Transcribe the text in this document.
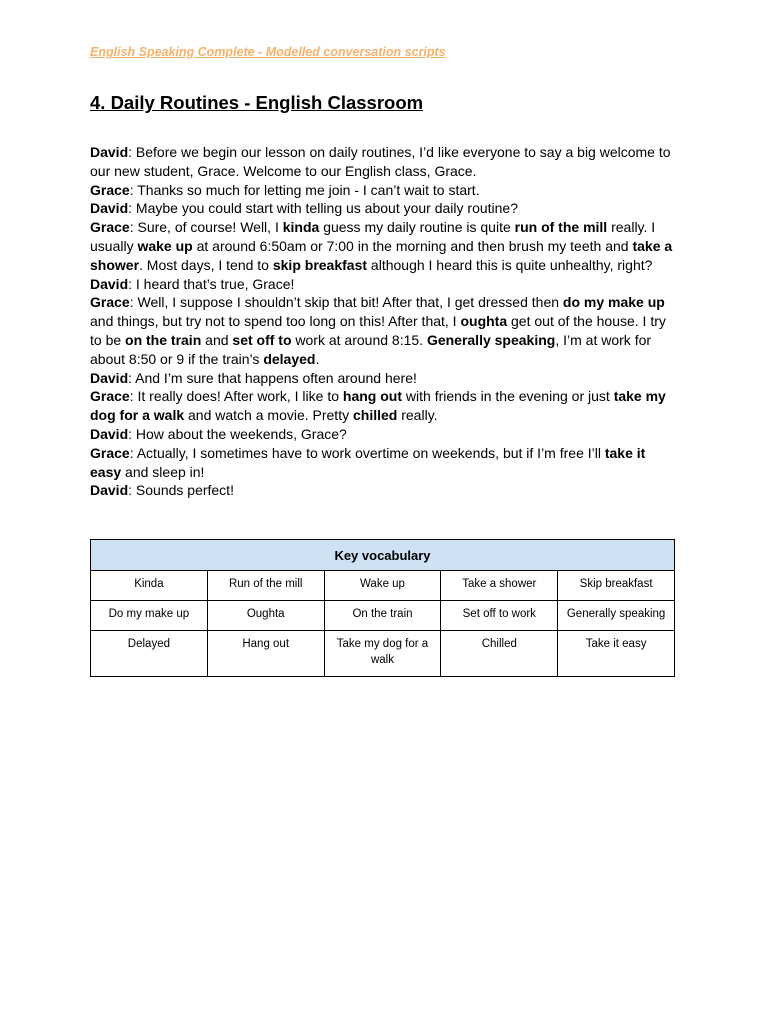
English Speaking Complete - Modelled conversation scripts
4. Daily Routines - English Classroom

David: Before we begin our lesson on daily routines, I’d like everyone to say a big welcome to our new student, Grace. Welcome to our English class, Grace.

Grace: Thanks so much for letting me join - I can’t wait to start.

David: Maybe you could start with telling us about your daily routine?

Grace: Sure, of course! Well, I kinda guess my daily routine is quite run of the mill really. I usually wake up at around 6:50am or 7:00 in the morning and then brush my teeth and take a shower. Most days, I tend to skip breakfast although I heard this is quite unhealthy, right?

David: I heard that’s true, Grace!

Grace: Well, I suppose I shouldn’t skip that bit! After that, I get dressed then do my make up and things, but try not to spend too long on this! After that, I oughta get out of the house. I try to be on the train and set off to work at around 8:15. Generally speaking, I’m at work for about 8:50 or 9 if the train’s delayed.

David: And I’m sure that happens often around here!

Grace: It really does! After work, I like to hang out with friends in the evening or just take my dog for a walk and watch a movie. Pretty chilled really.

David: How about the weekends, Grace?

Grace: Actually, I sometimes have to work overtime on weekends, but if I’m free I’ll take it easy and sleep in!

David: Sounds perfect!

Key vocabulary				
Kinda	Run of the mill	Wake up	Take a shower	Skip breakfast
Do my make up	Oughta	On the train	Set off to work	Generally speaking
Delayed	Hang out	Take my dog for a walk	Chilled	Take it easy
